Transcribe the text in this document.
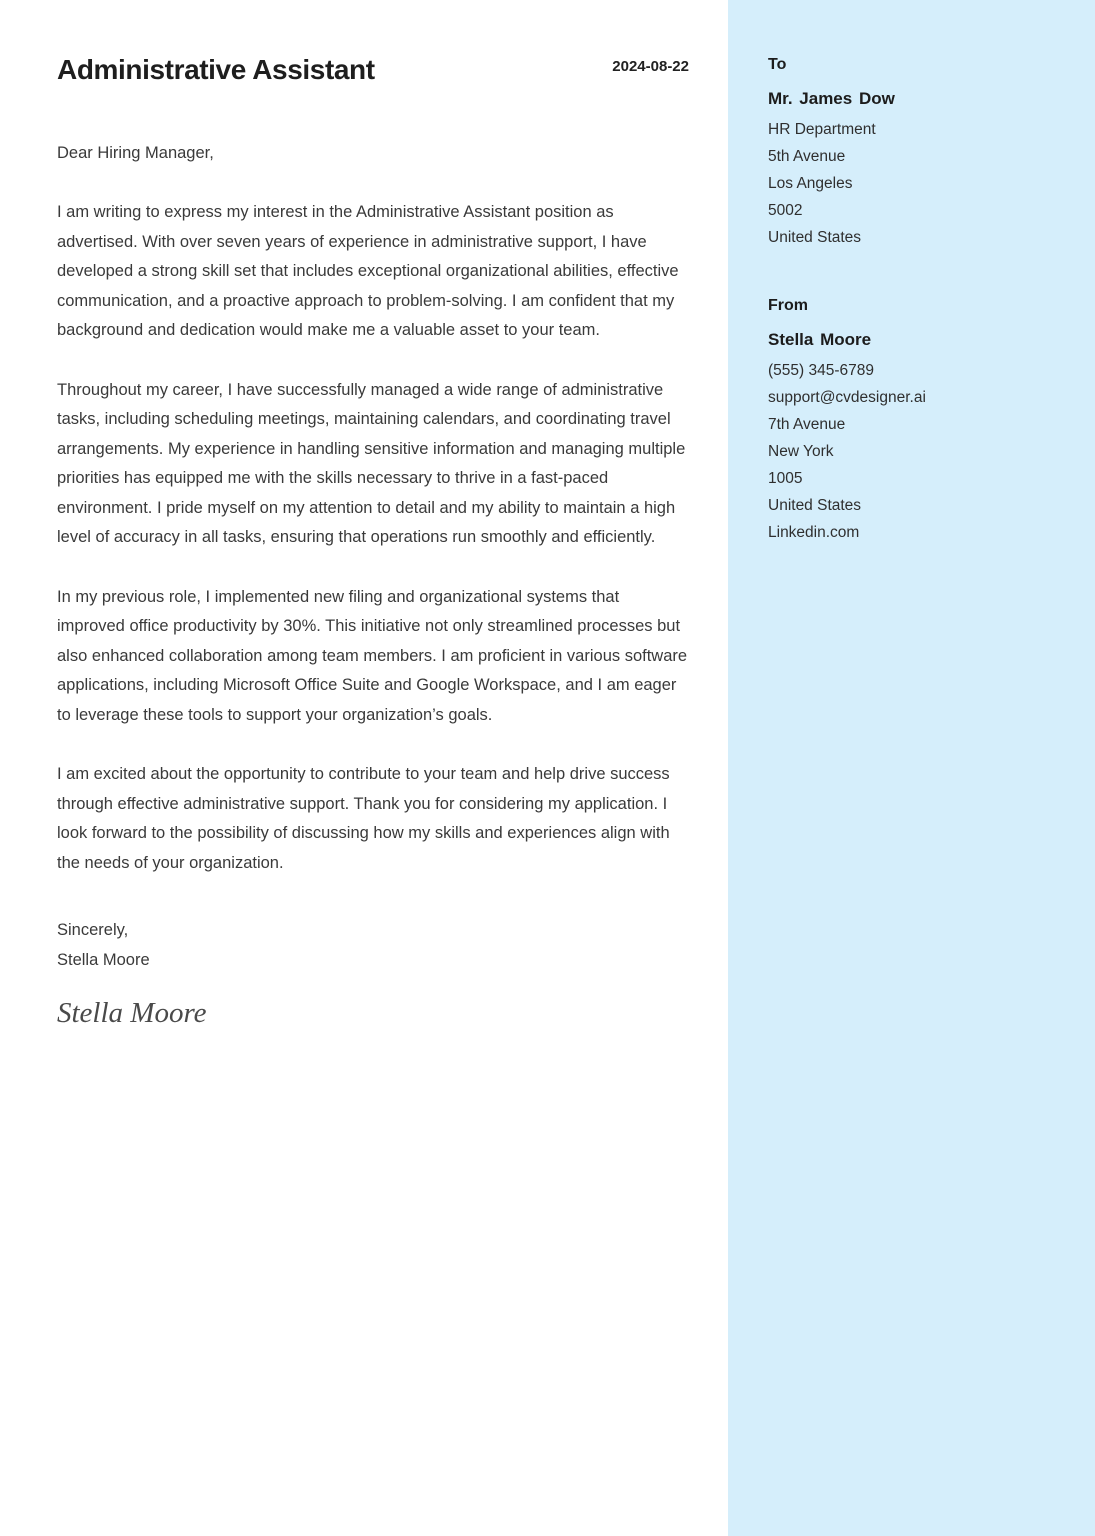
Administrative Assistant	2024-08-22
Dear Hiring Manager,
I am writing to express my interest in the Administrative Assistant position as advertised. With over seven years of experience in administrative support, I have developed a strong skill set that includes exceptional organizational abilities, effective communication, and a proactive approach to problem-solving. I am confident that my background and dedication would make me a valuable asset to your team.
Throughout my career, I have successfully managed a wide range of administrative tasks, including scheduling meetings, maintaining calendars, and coordinating travel arrangements. My experience in handling sensitive information and managing multiple priorities has equipped me with the skills necessary to thrive in a fast-paced environment. I pride myself on my attention to detail and my ability to maintain a high level of accuracy in all tasks, ensuring that operations run smoothly and efficiently.
In my previous role, I implemented new filing and organizational systems that improved office productivity by 30%. This initiative not only streamlined processes but also enhanced collaboration among team members. I am proficient in various software applications, including Microsoft Office Suite and Google Workspace, and I am eager to leverage these tools to support your organization’s goals.
I am excited about the opportunity to contribute to your team and help drive success through effective administrative support. Thank you for considering my application. I look forward to the possibility of discussing how my skills and experiences align with the needs of your organization.
Sincerely,
Stella Moore
Stella Moore
To
Mr. James Dow
HR Department
5th Avenue
Los Angeles
5002
United States
From
Stella Moore
(555) 345-6789
support@cvdesigner.ai
7th Avenue
New York
1005
United States
Linkedin.com
